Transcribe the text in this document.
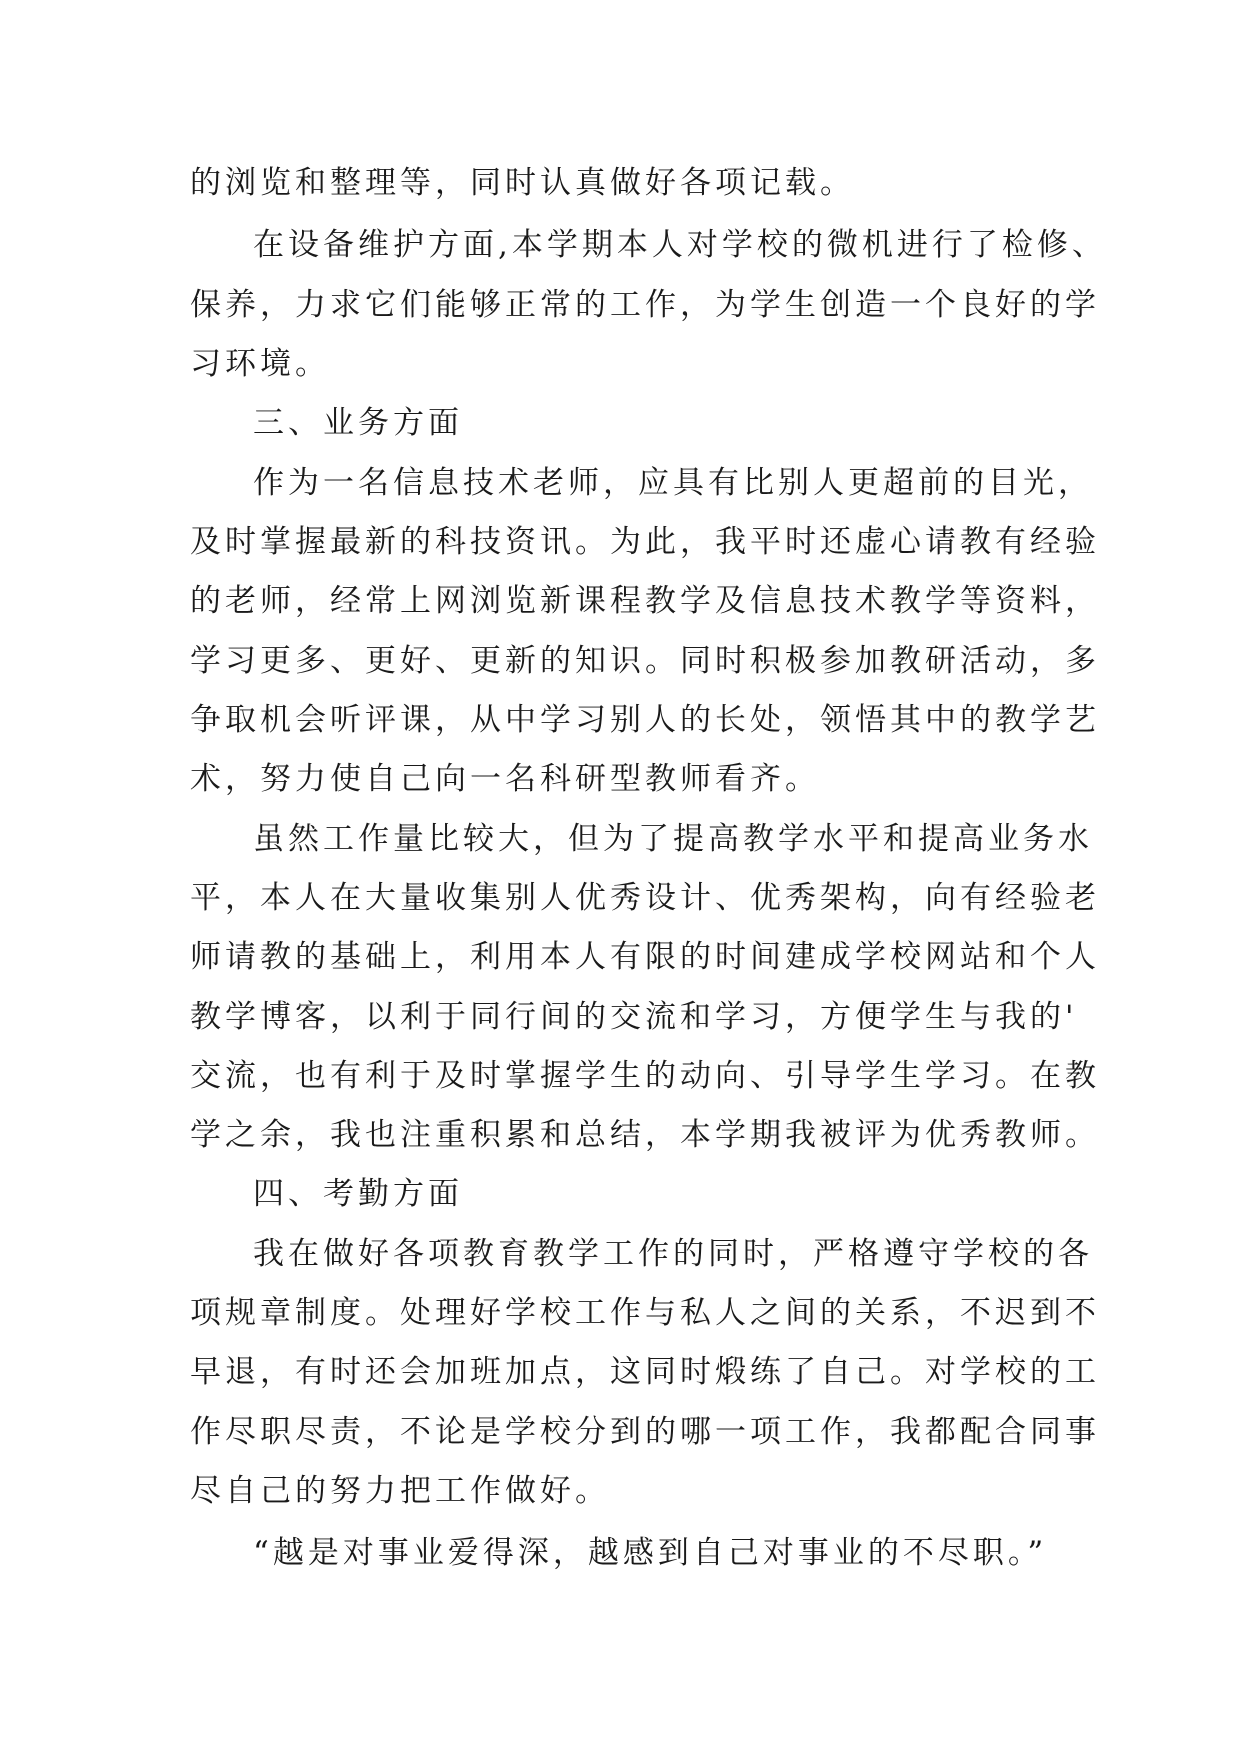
的浏览和整理等，同时认真做好各项记载。
在设备维护方面,本学期本人对学校的微机进行了检修、
保养，力求它们能够正常的工作，为学生创造一个良好的学
习环境。
三、业务方面
作为一名信息技术老师，应具有比别人更超前的目光，
及时掌握最新的科技资讯。为此，我平时还虚心请教有经验
的老师，经常上网浏览新课程教学及信息技术教学等资料，
学习更多、更好、更新的知识。同时积极参加教研活动，多
争取机会听评课，从中学习别人的长处，领悟其中的教学艺
术，努力使自己向一名科研型教师看齐。
虽然工作量比较大，但为了提高教学水平和提高业务水
平，本人在大量收集别人优秀设计、优秀架构，向有经验老
师请教的基础上，利用本人有限的时间建成学校网站和个人
教学博客，以利于同行间的交流和学习，方便学生与我的'
交流，也有利于及时掌握学生的动向、引导学生学习。在教
学之余，我也注重积累和总结，本学期我被评为优秀教师。
四、考勤方面
我在做好各项教育教学工作的同时，严格遵守学校的各
项规章制度。处理好学校工作与私人之间的关系，不迟到不
早退，有时还会加班加点，这同时煅练了自己。对学校的工
作尽职尽责，不论是学校分到的哪一项工作，我都配合同事
尽自己的努力把工作做好。
“越是对事业爱得深，越感到自己对事业的不尽职。”
